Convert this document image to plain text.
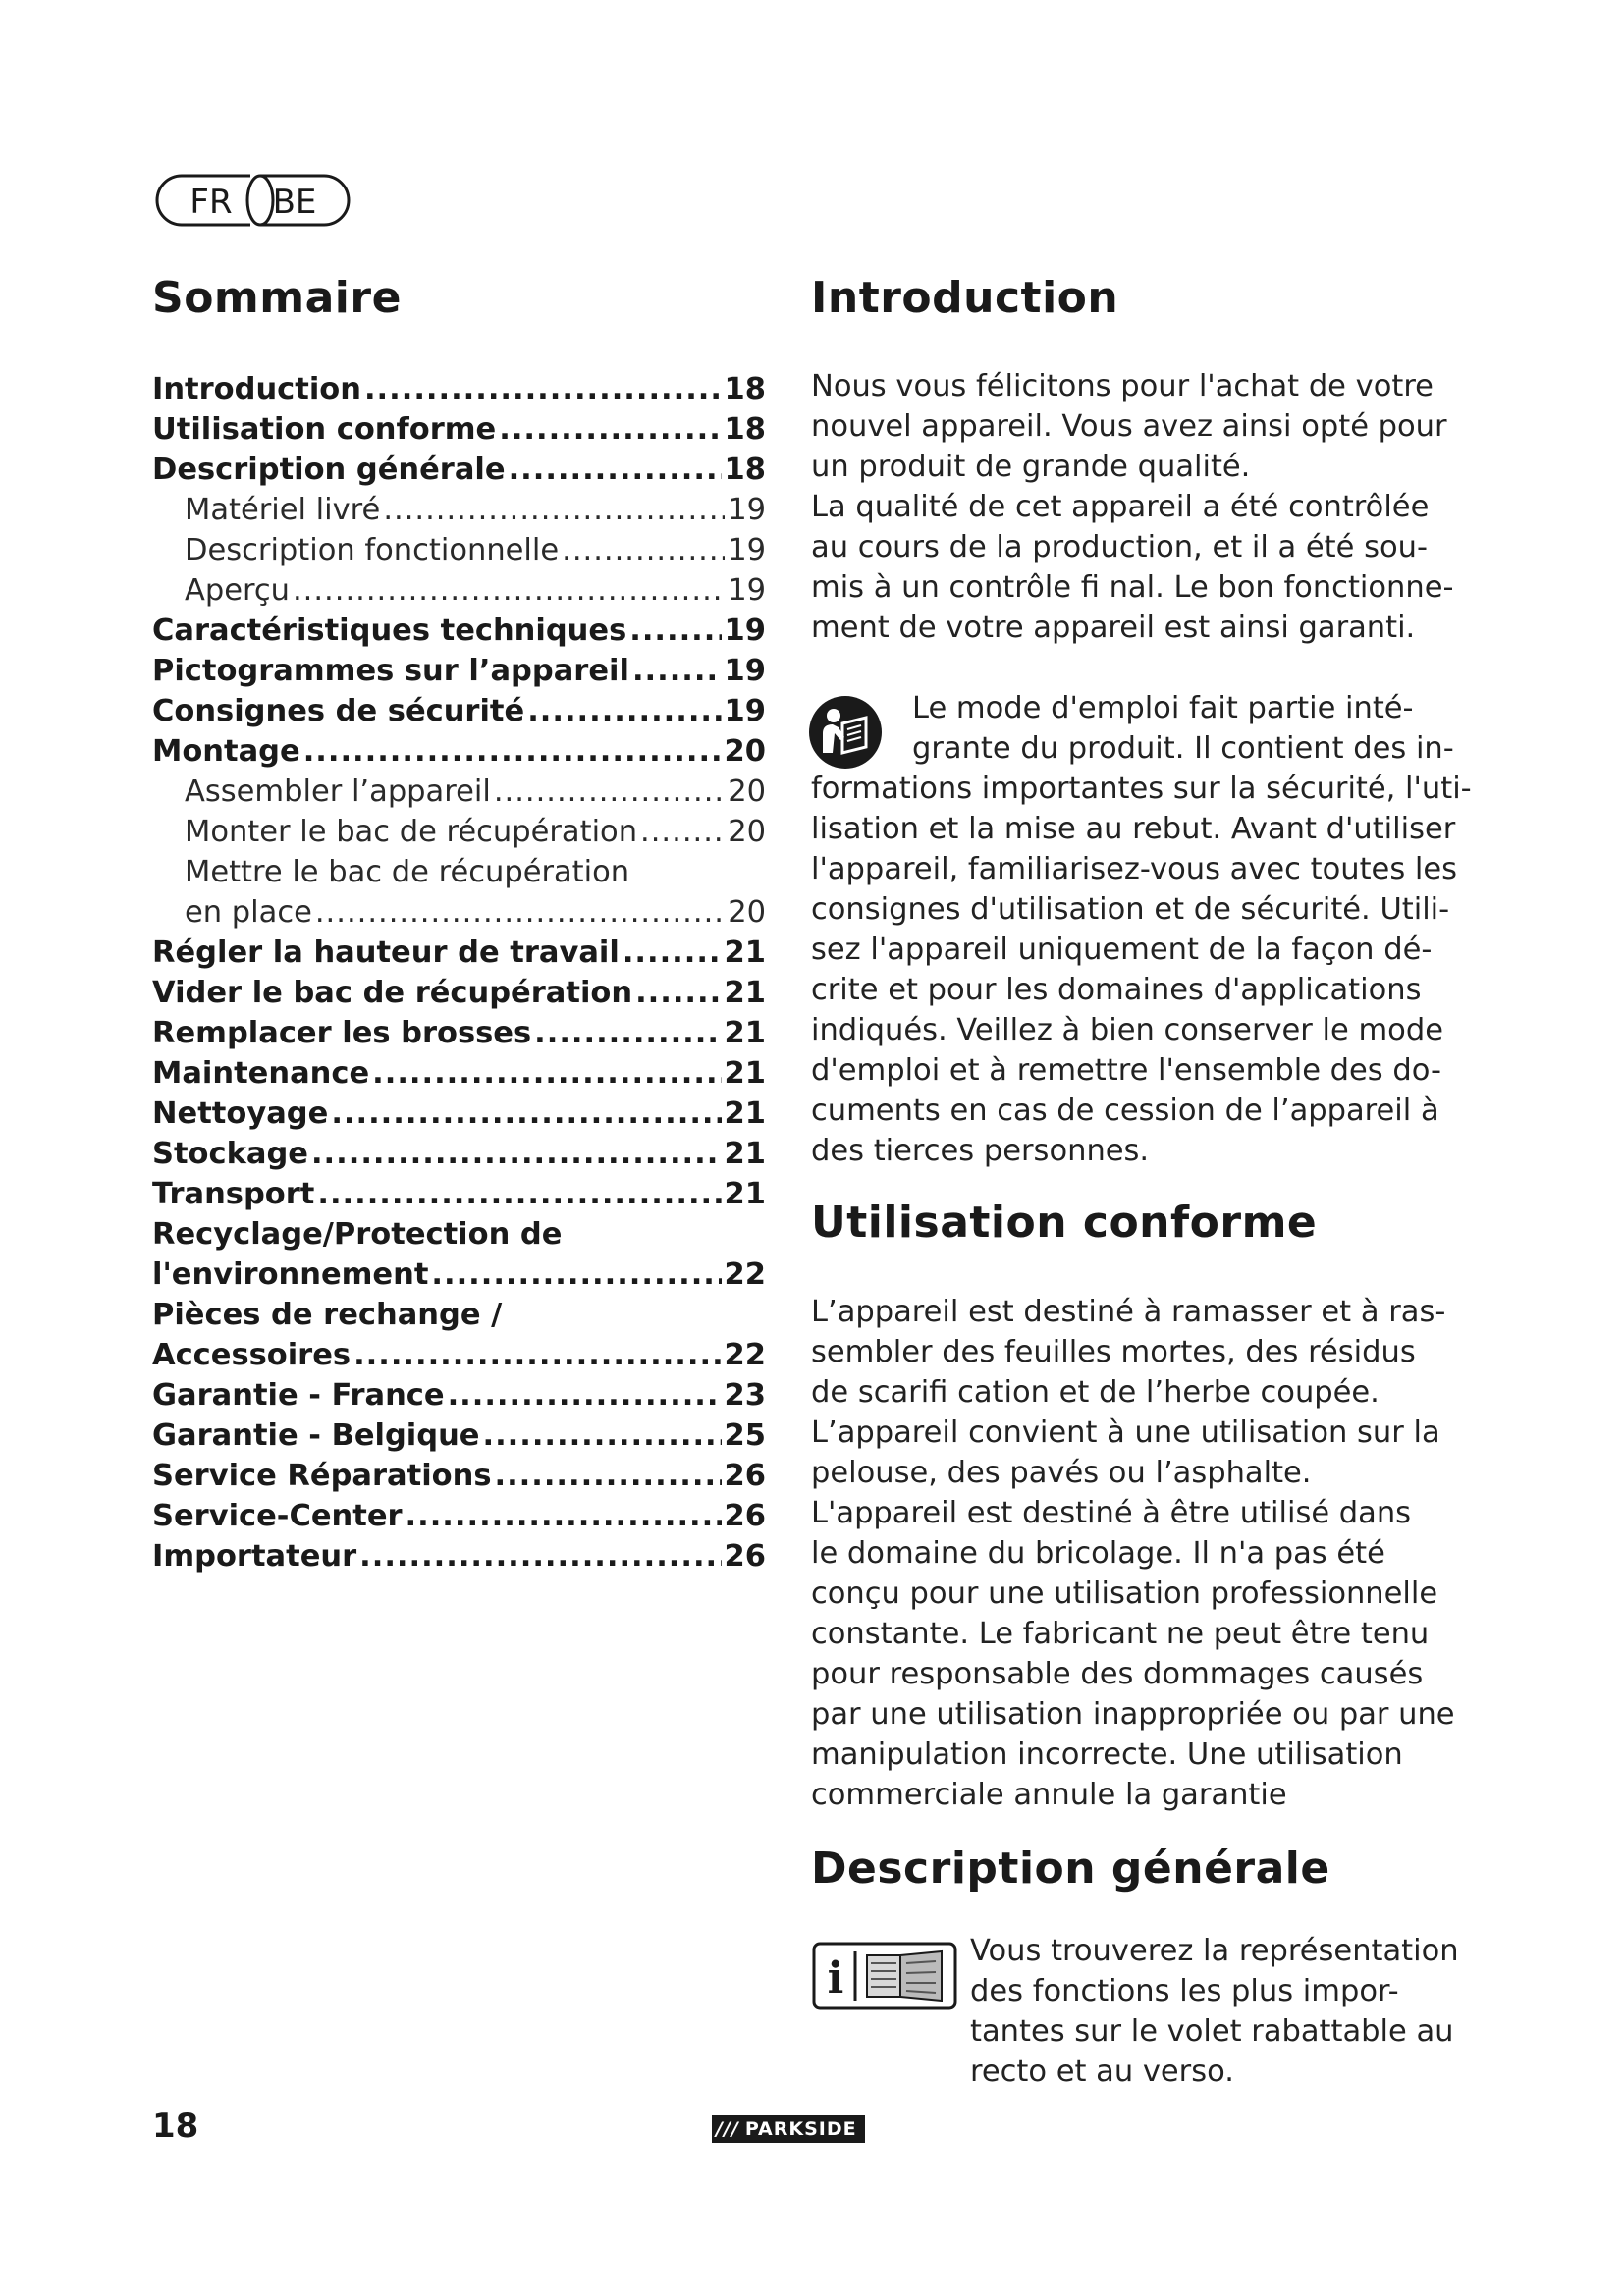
FR BE
Sommaire
Introduction .....	18
Utilisation conforme .....	18
Description générale .....	18
Matériel livré .....	19
Description fonctionnelle .....	19
Aperçu .....	19
Caractéristiques techniques .....	19
Pictogrammes sur l’appareil .....	19
Consignes de sécurité .....	19
Montage .....	20
Assembler l’appareil .....	20
Monter le bac de récupération .....	20
Mettre le bac de récupération
en place .....	20
Régler la hauteur de travail .....	21
Vider le bac de récupération .....	21
Remplacer les brosses .....	21
Maintenance .....	21
Nettoyage .....	21
Stockage .....	21
Transport .....	21
Recyclage/Protection de
l'environnement .....	22
Pièces de rechange /
Accessoires .....	22
Garantie - France .....	23
Garantie - Belgique .....	25
Service Réparations .....	26
Service-Center .....	26
Importateur .....	26
Introduction
Nous vous félicitons pour l'achat de votre
nouvel appareil. Vous avez ainsi opté pour
un produit de grande qualité.
La qualité de cet appareil a été contrôlée
au cours de la production, et il a été sou-
mis à un contrôle fi nal. Le bon fonctionne-
ment de votre appareil est ainsi garanti.
Le mode d'emploi fait partie inté-
grante du produit. Il contient des in-
formations importantes sur la sécurité, l'uti-
lisation et la mise au rebut. Avant d'utiliser
l'appareil, familiarisez-vous avec toutes les
consignes d'utilisation et de sécurité. Utili-
sez l'appareil uniquement de la façon dé-
crite et pour les domaines d'applications
indiqués. Veillez à bien conserver le mode
d'emploi et à remettre l'ensemble des do-
cuments en cas de cession de l’appareil à
des tierces personnes.
Utilisation conforme
L’appareil est destiné à ramasser et à ras-
sembler des feuilles mortes, des résidus
de scarifi cation et de l’herbe coupée.
L’appareil convient à une utilisation sur la
pelouse, des pavés ou l’asphalte.
L'appareil est destiné à être utilisé dans
le domaine du bricolage. Il n'a pas été
conçu pour une utilisation professionnelle
constante. Le fabricant ne peut être tenu
pour responsable des dommages causés
par une utilisation inappropriée ou par une
manipulation incorrecte. Une utilisation
commerciale annule la garantie
Description générale
i
Vous trouverez la représentation
des fonctions les plus impor-
tantes sur le volet rabattable au
recto et au verso.
18	/// PARKSIDE
